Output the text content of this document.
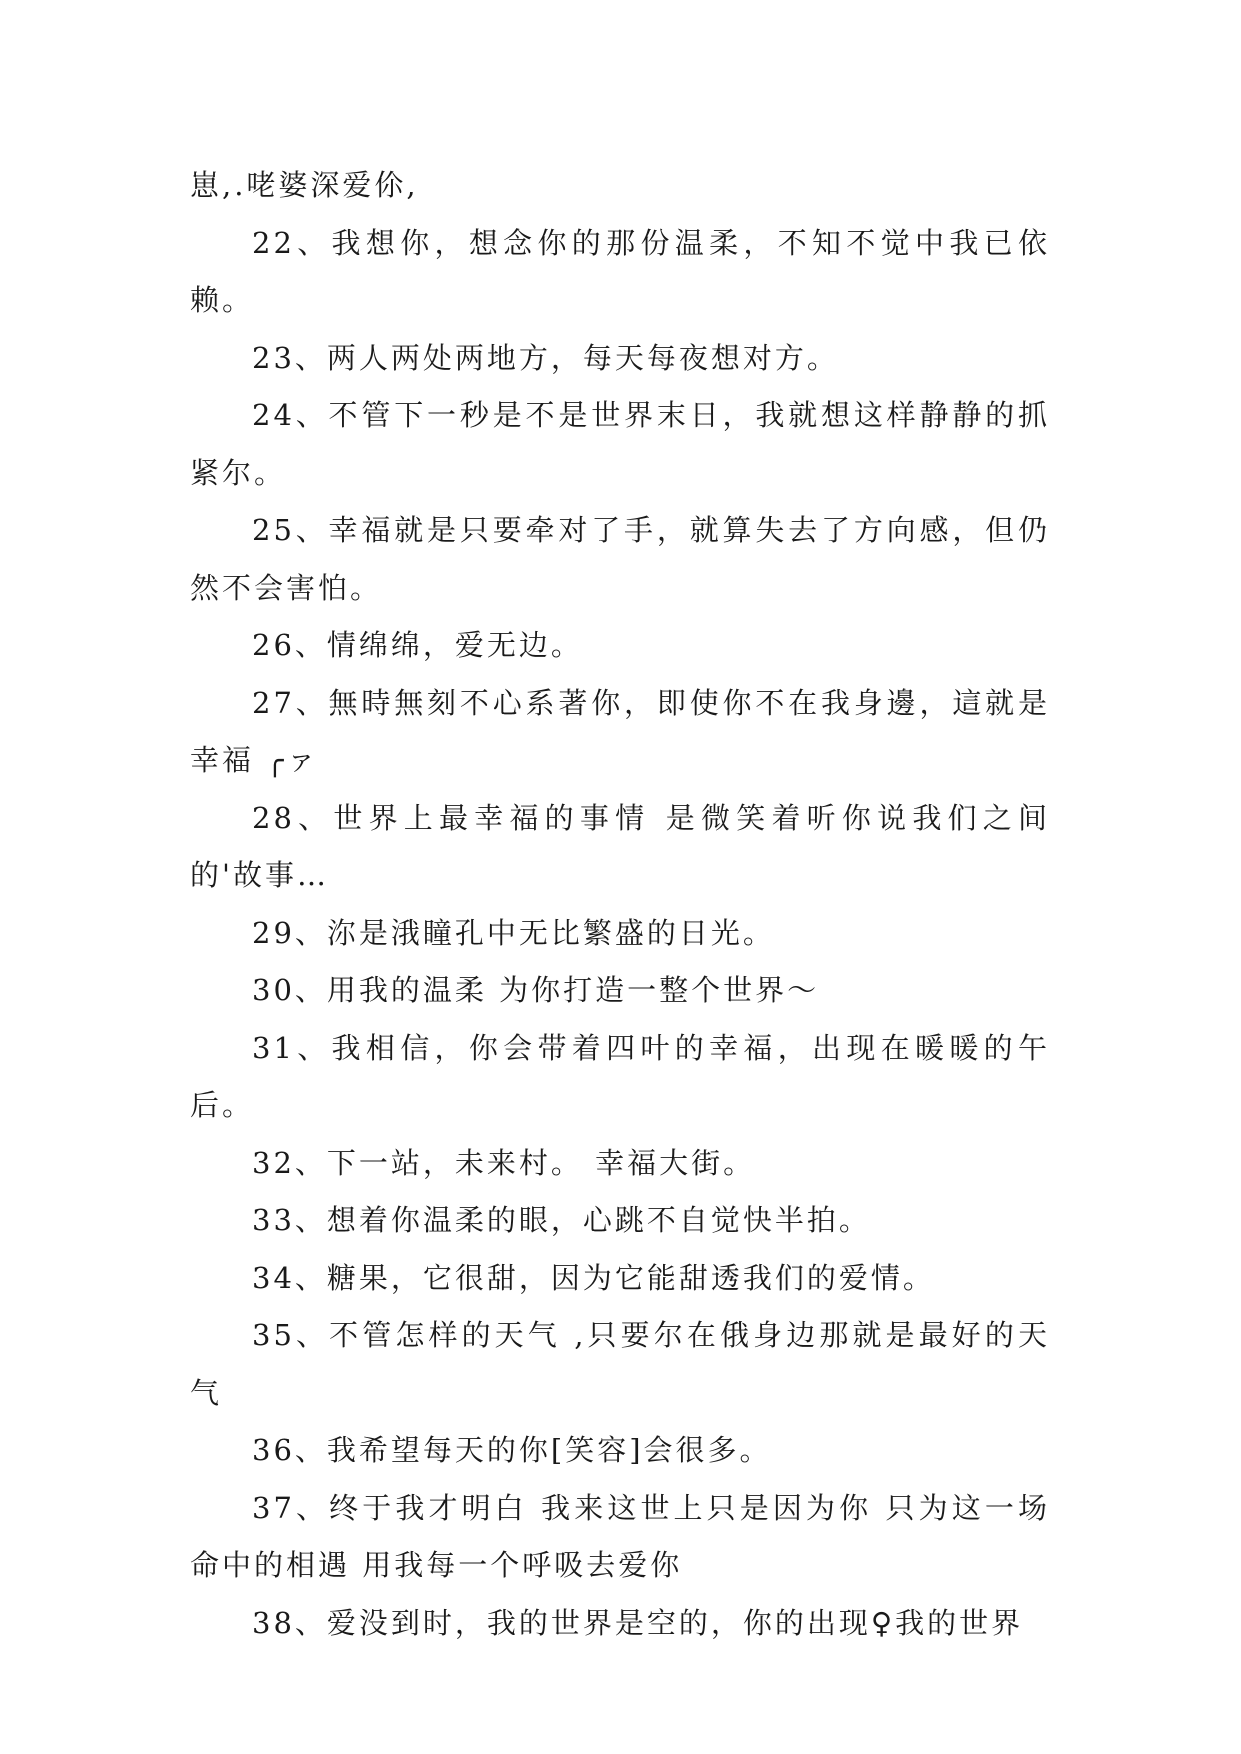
崽,.咾婆深爱伱,

22、我想你，想念你的那份温柔，不知不觉中我已依赖。

23、两人两处两地方，每天每夜想对方。

24、不管下一秒是不是世界末日，我就想这样静静的抓紧尔。

25、幸福就是只要牵对了手，就算失去了方向感，但仍然不会害怕。

26、情绵绵，爱无边。

27、無時無刻不心系著你，即使你不在我身邊，這就是幸福 ╭ァ

28、世界上最幸福的事情 是微笑着听你说我们之间的'故事…

29、沵是涐瞳孔中无比繁盛的日光。

30、用我的温柔 为你打造一整个世界～

31、我相信，你会带着四叶的幸福，出现在暖暖的午后。

32、下一站，未来村。 幸福大街。

33、想着你温柔的眼，心跳不自觉快半拍。

34、糖果，它很甜，因为它能甜透我们的爱情。

35、不管怎样的天气 ,只要尔在俄身边那就是最好的天气

36、我希望每天的你[笑容]会很多。

37、终于我才明白 我来这世上只是因为你 只为这一场命中的相遇 用我每一个呼吸去爱你

38、爱没到时，我的世界是空的，你的出现♀我的世界
